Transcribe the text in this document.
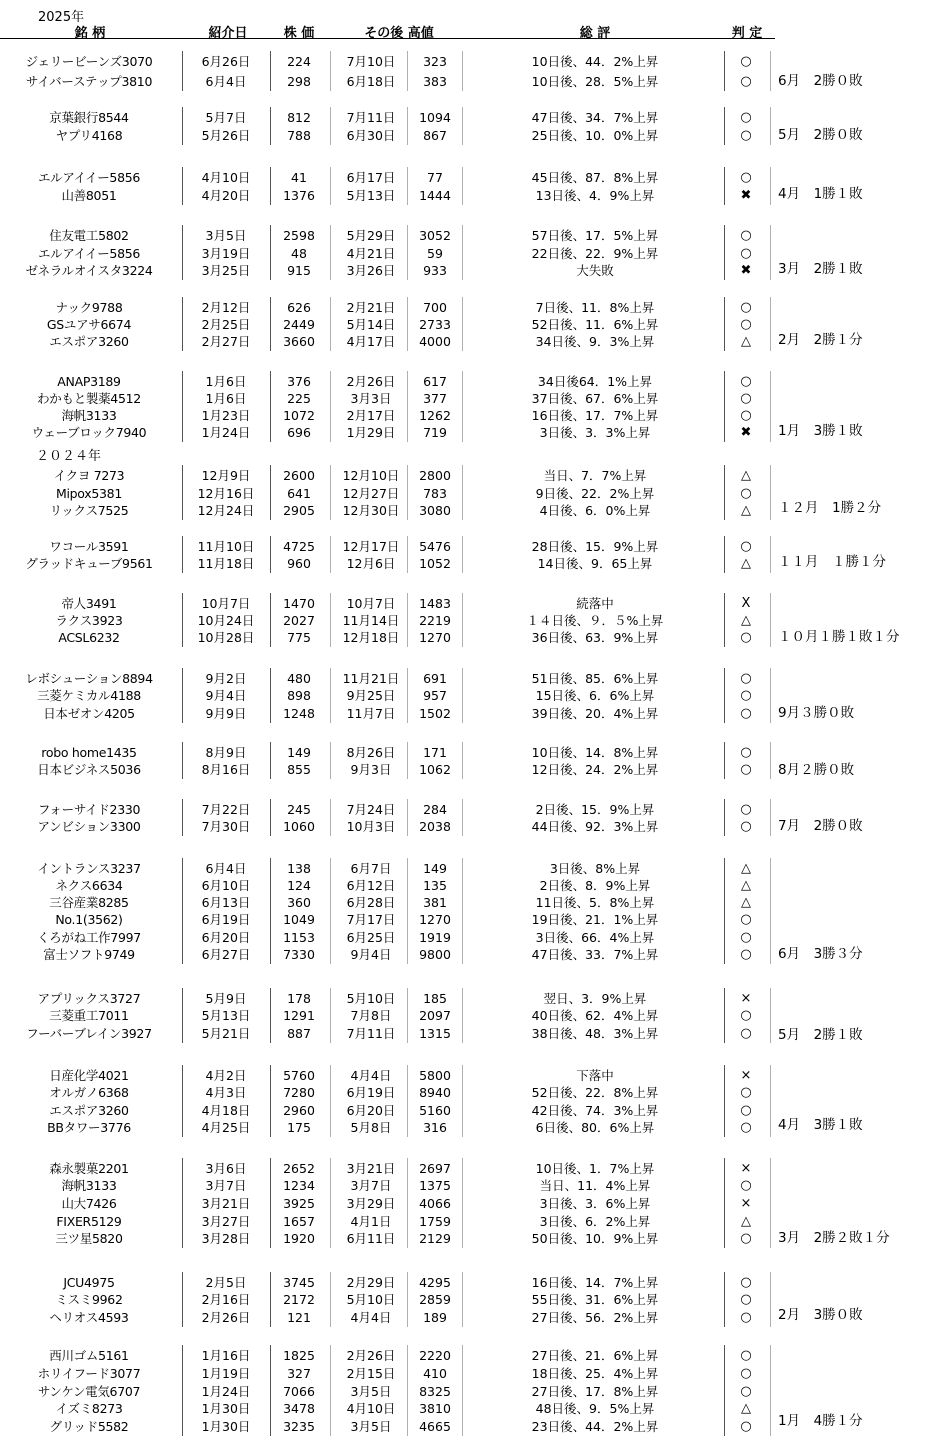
2025年
２０２４年
銘 柄	紹介日	株 価	その後 高値	総 評	判 定
ジェリービーンズ3070	6月26日	224	7月10日	323	10日後、44．2%上昇	○
サイバーステップ3810	6月4日	298	6月18日	383	10日後、28．5%上昇	○
京葉銀行8544	5月7日	812	7月11日	1094	47日後、34．7%上昇	○
ヤプリ4168	5月26日	788	6月30日	867	25日後、10．0%上昇	○
エルアイイー5856	4月10日	41	6月17日	77	45日後、87．8%上昇	○
山善8051	4月20日	1376	5月13日	1444	13日後、4．9%上昇	✖
住友電工5802	3月5日	2598	5月29日	3052	57日後、17．5%上昇	○
エルアイイー5856	3月19日	48	4月21日	59	22日後、22．9%上昇	○
ゼネラルオイスタ3224	3月25日	915	3月26日	933	大失敗	✖
ナック9788	2月12日	626	2月21日	700	7日後、11．8%上昇	○
GSユアサ6674	2月25日	2449	5月14日	2733	52日後、11．6%上昇	○
エスポア3260	2月27日	3660	4月17日	4000	34日後、9．3%上昇	△
ANAP3189	1月6日	376	2月26日	617	34日後64．1%上昇	○
わかもと製薬4512	1月6日	225	3月3日	377	37日後、67．6%上昇	○
海帆3133	1月23日	1072	2月17日	1262	16日後、17．7%上昇	○
ウェーブロック7940	1月24日	696	1月29日	719	3日後、3．3%上昇	✖
イクヨ 7273	12月9日	2600	12月10日	2800	当日、7．7%上昇	△
Mipox5381	12月16日	641	12月27日	783	9日後、22．2%上昇	○
リックス7525	12月24日	2905	12月30日	3080	4日後、6．0%上昇	△
ワコール3591	11月10日	4725	12月17日	5476	28日後、15．9%上昇	○
グラッドキューブ9561	11月18日	960	12月6日	1052	14日後、9．65上昇	△
帝人3491	10月7日	1470	10月7日	1483	続落中	X
ラクス3923	10月24日	2027	11月14日	2219	１４日後、９．５%上昇	△
ACSL6232	10月28日	775	12月18日	1270	36日後、63．9%上昇	○
レボシューション8894	9月2日	480	11月21日	691	51日後、85．6%上昇	○
三菱ケミカル4188	9月4日	898	9月25日	957	15日後、6．6%上昇	○
日本ゼオン4205	9月9日	1248	11月7日	1502	39日後、20．4%上昇	○
robo home1435	8月9日	149	8月26日	171	10日後、14．8%上昇	○
日本ビジネス5036	8月16日	855	9月3日	1062	12日後、24．2%上昇	○
フォーサイド2330	7月22日	245	7月24日	284	2日後、15．9%上昇	○
アンビション3300	7月30日	1060	10月3日	2038	44日後、92．3%上昇	○
イントランス3237	6月4日	138	6月7日	149	3日後、8%上昇	△
ネクス6634	6月10日	124	6月12日	135	2日後、8．9%上昇	△
三谷産業8285	6月13日	360	6月28日	381	11日後、5．8%上昇	△
No.1(3562)	6月19日	1049	7月17日	1270	19日後、21．1%上昇	○
くろがね工作7997	6月20日	1153	6月25日	1919	3日後、66．4%上昇	○
富士ソフト9749	6月27日	7330	9月4日	9800	47日後、33．7%上昇	○
アプリックス3727	5月9日	178	5月10日	185	翌日、3．9%上昇	×
三菱重工7011	5月13日	1291	7月8日	2097	40日後、62．4%上昇	○
フーバーブレイン3927	5月21日	887	7月11日	1315	38日後、48．3%上昇	○
日産化学4021	4月2日	5760	4月4日	5800	下落中	×
オルガノ6368	4月3日	7280	6月19日	8940	52日後、22．8%上昇	○
エスポア3260	4月18日	2960	6月20日	5160	42日後、74．3%上昇	○
BBタワー3776	4月25日	175	5月8日	316	6日後、80．6%上昇	○
森永製菓2201	3月6日	2652	3月21日	2697	10日後、1．7%上昇	×
海帆3133	3月7日	1234	3月7日	1375	当日、11．4%上昇	○
山大7426	3月21日	3925	3月29日	4066	3日後、3．6%上昇	×
FIXER5129	3月27日	1657	4月1日	1759	3日後、6．2%上昇	△
三ツ星5820	3月28日	1920	6月11日	2129	50日後、10．9%上昇	○
JCU4975	2月5日	3745	2月29日	4295	16日後、14．7%上昇	○
ミスミ9962	2月16日	2172	5月10日	2859	55日後、31．6%上昇	○
ヘリオス4593	2月26日	121	4月4日	189	27日後、56．2%上昇	○
西川ゴム5161	1月16日	1825	2月26日	2220	27日後、21．6%上昇	○
ホリイフード3077	1月19日	327	2月15日	410	18日後、25．4%上昇	○
サンケン電気6707	1月24日	7066	3月5日	8325	27日後、17．8%上昇	○
イズミ8273	1月30日	3478	4月10日	3810	48日後、9．5%上昇	△
グリッド5582	1月30日	3235	3月5日	4665	23日後、44．2%上昇	○
6月　2勝０敗
5月　2勝０敗
4月　1勝１敗
3月　2勝１敗
2月　2勝１分
1月　3勝１敗
１２月　1勝２分
１１月　１勝１分
１０月１勝１敗１分
9月３勝０敗
8月２勝０敗
7月　2勝０敗
6月　3勝３分
5月　2勝１敗
4月　3勝１敗
3月　2勝２敗１分
2月　3勝０敗
1月　4勝１分
